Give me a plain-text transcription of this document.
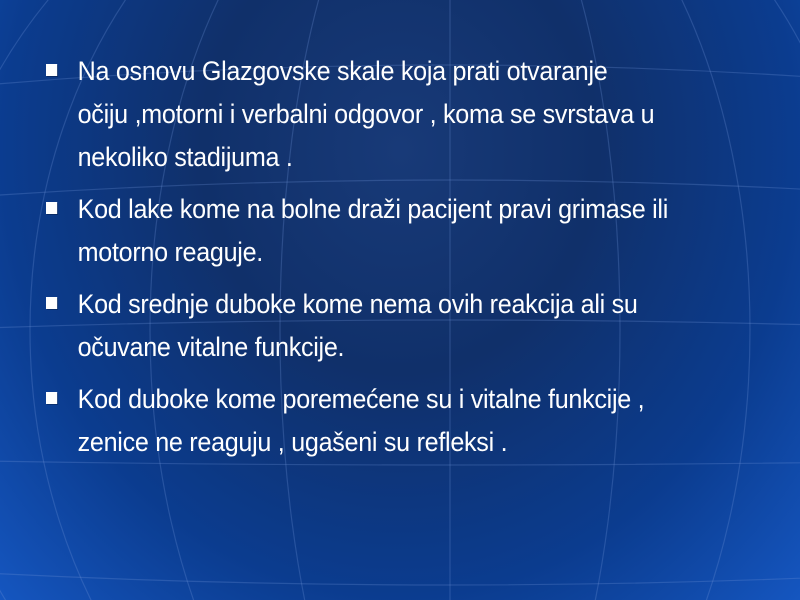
Na osnovu Glazgovske skale koja prati otvaranje
očiju ,motorni i verbalni odgovor , koma se svrstava u
nekoliko stadijuma .
Kod lake kome na bolne draži pacijent pravi grimase ili
motorno reaguje.
Kod srednje duboke kome nema ovih reakcija ali su
očuvane vitalne funkcije.
Kod duboke kome poremećene su i vitalne funkcije ,
zenice ne reaguju , ugašeni su refleksi .
